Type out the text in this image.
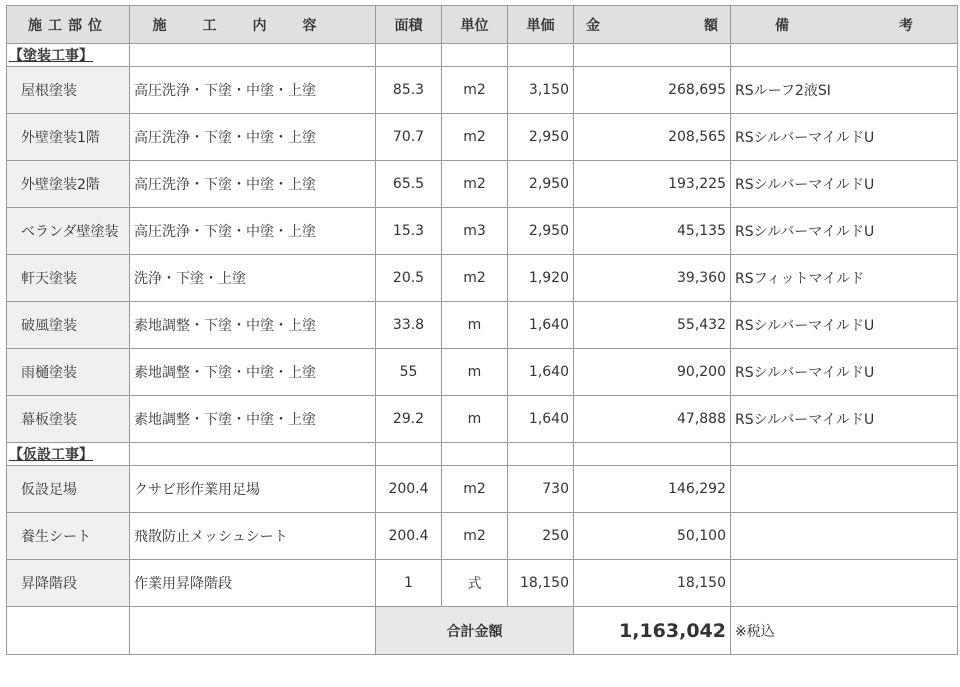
施工部位	施工内容	面積	単位	単価	金 額	備 考

【塗装工事】						
屋根塗装	高圧洗浄・下塗・中塗・上塗	85.3	m2	3,150	268,695	RSルーフ2液SI
外壁塗装1階	高圧洗浄・下塗・中塗・上塗	70.7	m2	2,950	208,565	RSシルバーマイルドU
外壁塗装2階	高圧洗浄・下塗・中塗・上塗	65.5	m2	2,950	193,225	RSシルバーマイルドU
ベランダ壁塗装	高圧洗浄・下塗・中塗・上塗	15.3	m3	2,950	45,135	RSシルバーマイルドU
軒天塗装	洗浄・下塗・上塗	20.5	m2	1,920	39,360	RSフィットマイルド
破風塗装	素地調整・下塗・中塗・上塗	33.8	m	1,640	55,432	RSシルバーマイルドU
雨樋塗装	素地調整・下塗・中塗・上塗	55	m	1,640	90,200	RSシルバーマイルドU
幕板塗装	素地調整・下塗・中塗・上塗	29.2	m	1,640	47,888	RSシルバーマイルドU
【仮設工事】						
仮設足場	クサビ形作業用足場	200.4	m2	730	146,292	
養生シート	飛散防止メッシュシート	200.4	m2	250	50,100	
昇降階段	作業用昇降階段	1	式	18,150	18,150	
		合計金額			1,163,042	※税込
